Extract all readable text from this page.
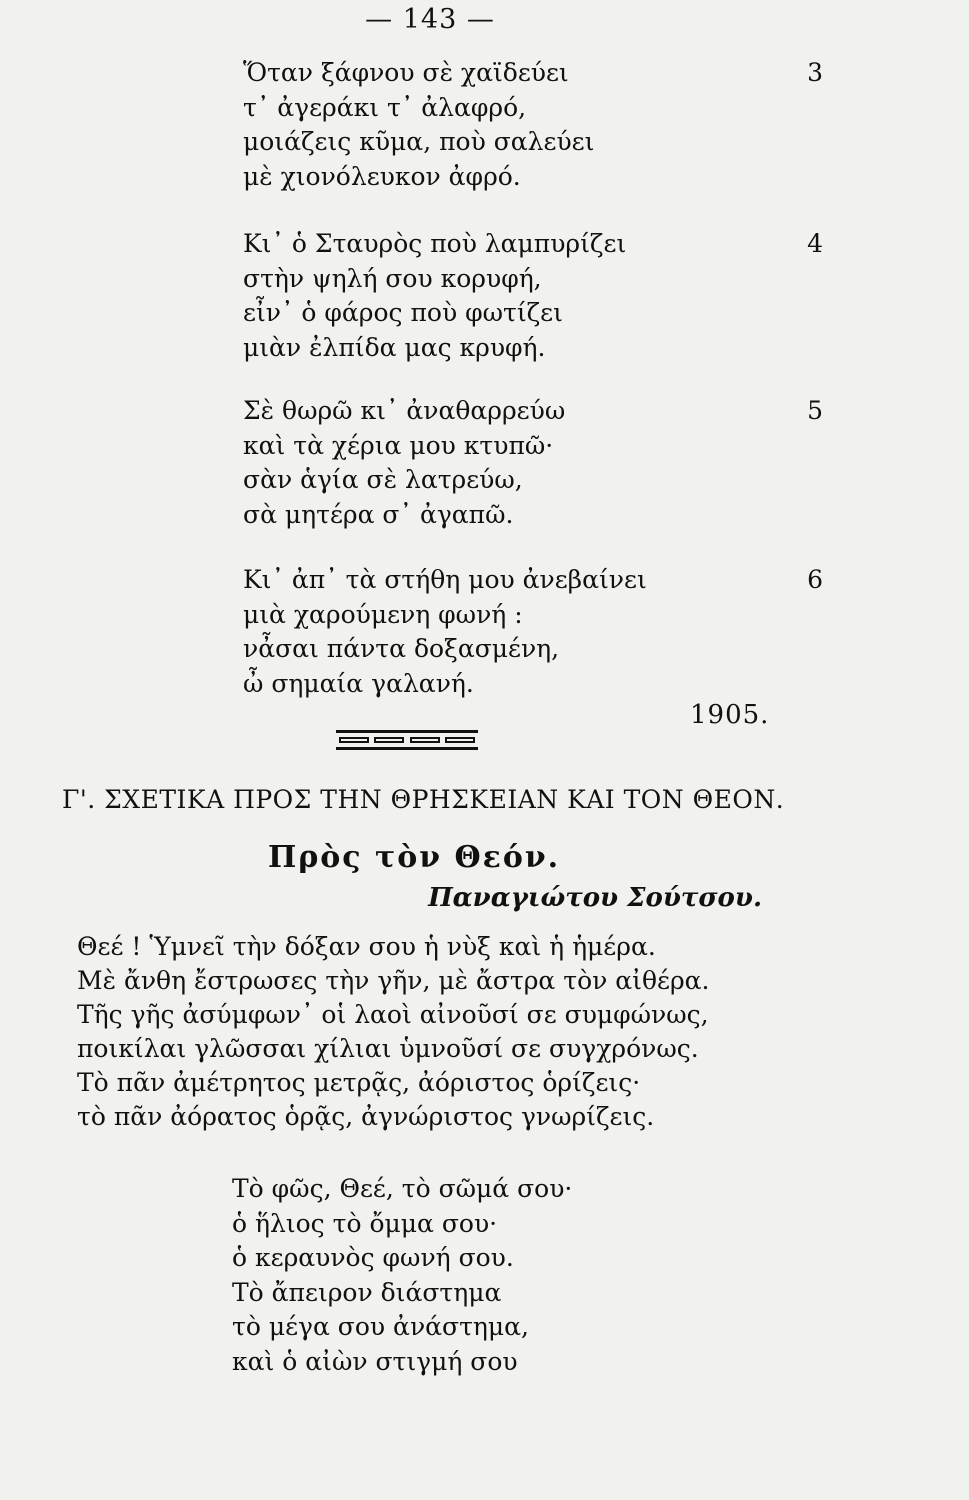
— 143 —
3
Ὅταν ξάφνου σὲ χαϊδεύει
τ᾿ ἀγεράκι τ᾿ ἀλαφρό,
μοιάζεις κῦμα, ποὺ σαλεύει
μὲ χιονόλευκον ἀφρό.
4
Κι᾿ ὁ Σταυρὸς ποὺ λαμπυρίζει
στὴν ψηλή σου κορυφή,
εἶν᾿ ὁ φάρος ποὺ φωτίζει
μιὰν ἐλπίδα μας κρυφή.
5
Σὲ θωρῶ κι᾿ ἀναθαρρεύω
καὶ τὰ χέρια μου κτυπῶ·
σὰν ἁγία σὲ λατρεύω,
σὰ μητέρα σ᾿ ἀγαπῶ.
6
Κι᾿ ἀπ᾿ τὰ στήθη μου ἀνεβαίνει
μιὰ χαρούμενη φωνή :
νἆσαι πάντα δοξασμένη,
ὦ σημαία γαλανή.
1905.
Γ'. ΣΧΕΤΙΚΑ ΠΡΟΣ ΤΗΝ ΘΡΗΣΚΕΙΑΝ ΚΑΙ ΤΟΝ ΘΕΟΝ.
Πρὸς τὸν Θεόν.
Παναγιώτου Σούτσου.
Θεέ ! Ὑμνεῖ τὴν δόξαν σου ἡ νὺξ καὶ ἡ ἡμέρα.
Μὲ ἄνθη ἔστρωσες τὴν γῆν, μὲ ἄστρα τὸν αἰθέρα.
Τῆς γῆς ἀσύμφων᾿ οἱ λαοὶ αἰνοῦσί σε συμφώνως,
ποικίλαι γλῶσσαι χίλιαι ὑμνοῦσί σε συγχρόνως.
Τὸ πᾶν ἀμέτρητος μετρᾷς, ἀόριστος ὁρίζεις·
τὸ πᾶν ἀόρατος ὁρᾷς, ἀγνώριστος γνωρίζεις.
Τὸ φῶς, Θεέ, τὸ σῶμά σου·
ὁ ἥλιος τὸ ὄμμα σου·
ὁ κεραυνὸς φωνή σου.
Τὸ ἄπειρον διάστημα
τὸ μέγα σου ἀνάστημα,
καὶ ὁ αἰὼν στιγμή σου
